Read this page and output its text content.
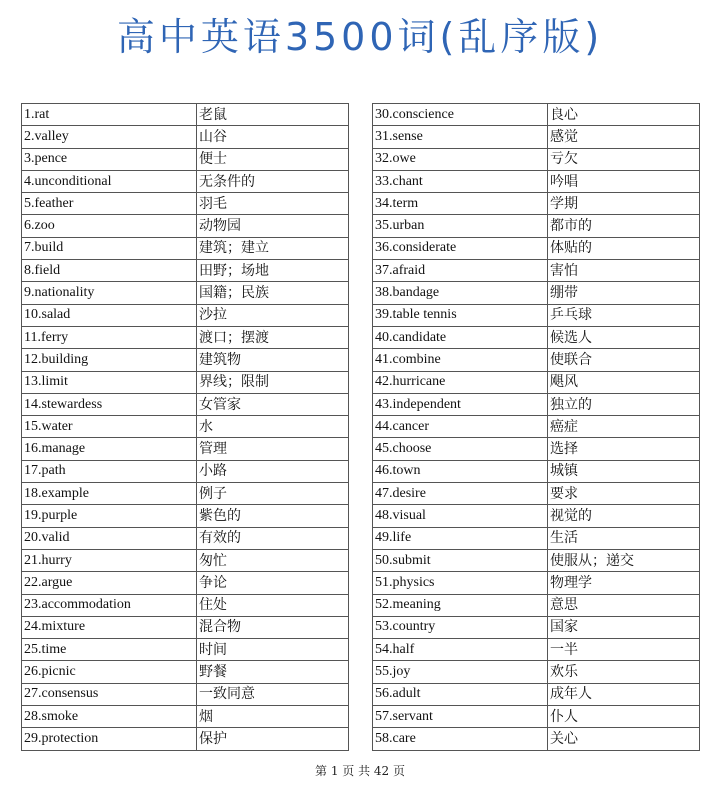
高中英语3500词(乱序版)
1.rat	老鼠
2.valley	山谷
3.pence	便士
4.unconditional	无条件的
5.feather	羽毛
6.zoo	动物园
7.build	建筑；建立
8.field	田野；场地
9.nationality	国籍；民族
10.salad	沙拉
11.ferry	渡口；摆渡
12.building	建筑物
13.limit	界线；限制
14.stewardess	女管家
15.water	水
16.manage	管理
17.path	小路
18.example	例子
19.purple	紫色的
20.valid	有效的
21.hurry	匆忙
22.argue	争论
23.accommodation	住处
24.mixture	混合物
25.time	时间
26.picnic	野餐
27.consensus	一致同意
28.smoke	烟
29.protection	保护
30.conscience	良心
31.sense	感觉
32.owe	亏欠
33.chant	吟唱
34.term	学期
35.urban	都市的
36.considerate	体贴的
37.afraid	害怕
38.bandage	绷带
39.table tennis	乒乓球
40.candidate	候选人
41.combine	使联合
42.hurricane	飓风
43.independent	独立的
44.cancer	癌症
45.choose	选择
46.town	城镇
47.desire	要求
48.visual	视觉的
49.life	生活
50.submit	使服从；递交
51.physics	物理学
52.meaning	意思
53.country	国家
54.half	一半
55.joy	欢乐
56.adult	成年人
57.servant	仆人
58.care	关心
第 1 页 共 42 页
